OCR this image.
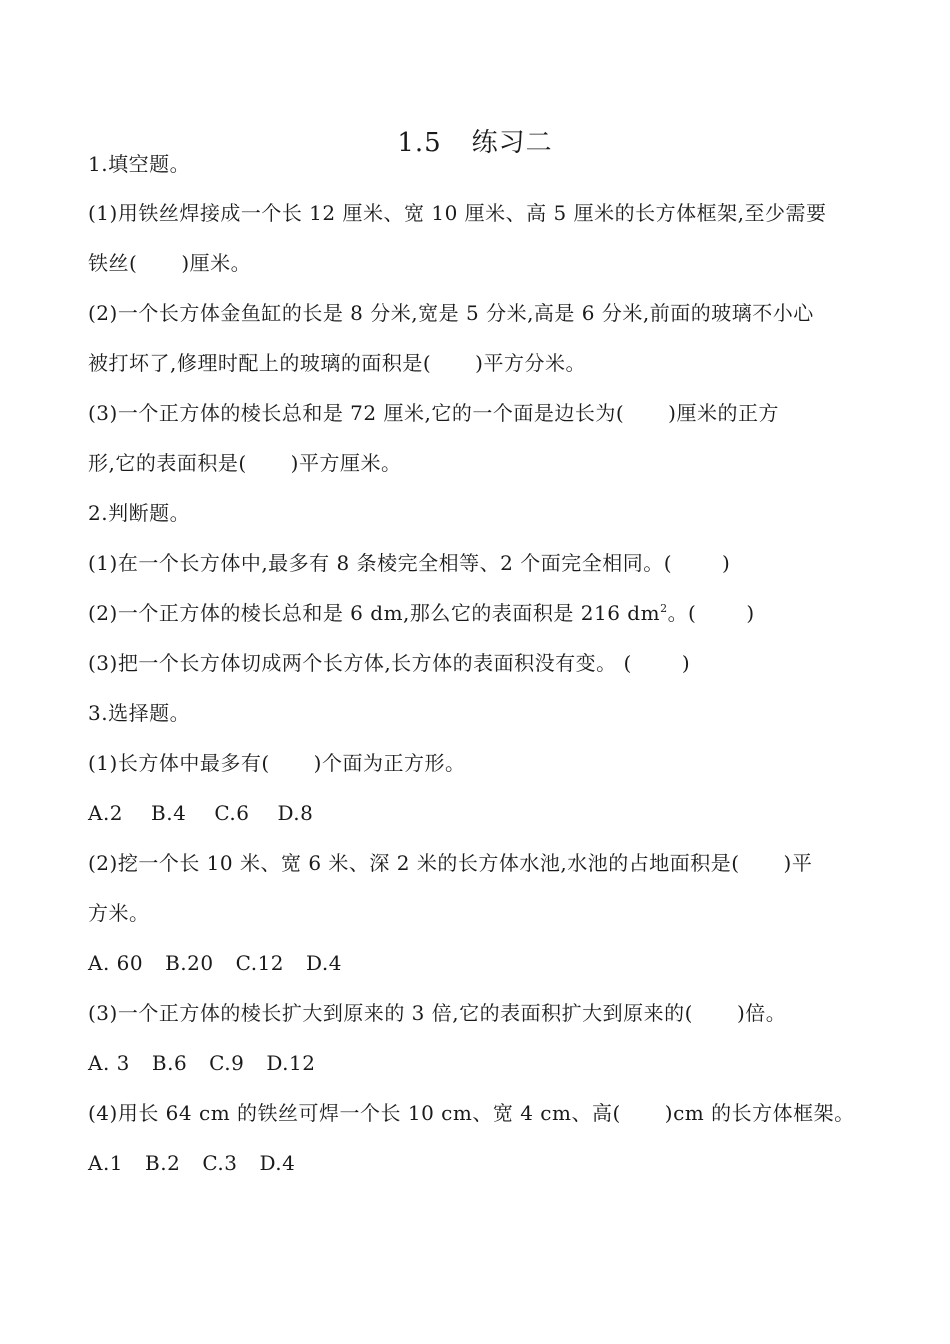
1.5 练习二
1.填空题。
(1)用铁丝焊接成一个长 12 厘米、宽 10 厘米、高 5 厘米的长方体框架,至少需要
铁丝( )厘米。
(2)一个长方体金鱼缸的长是 8 分米,宽是 5 分米,高是 6 分米,前面的玻璃不小心
被打坏了,修理时配上的玻璃的面积是( )平方分米。
(3)一个正方体的棱长总和是 72 厘米,它的一个面是边长为( )厘米的正方
形,它的表面积是( )平方厘米。
2.判断题。
(1)在一个长方体中,最多有 8 条棱完全相等、2 个面完全相同。(	)
(2)一个正方体的棱长总和是 6 dm,那么它的表面积是 216 $dm^2$。(	)
(3)把一个长方体切成两个长方体,长方体的表面积没有变。 (	)
3.选择题。
(1)长方体中最多有( )个面为正方形。
A.2 B.4 C.6 D.8
(2)挖一个长 10 米、宽 6 米、深 2 米的长方体水池,水池的占地面积是( )平
方米。
A. 60 B.20 C.12 D.4
(3)一个正方体的棱长扩大到原来的 3 倍,它的表面积扩大到原来的( )倍。
A. 3 B.6 C.9 D.12
(4)用长 64 cm 的铁丝可焊一个长 10 cm、宽 4 cm、高( )cm 的长方体框架。
A.1 B.2 C.3 D.4
